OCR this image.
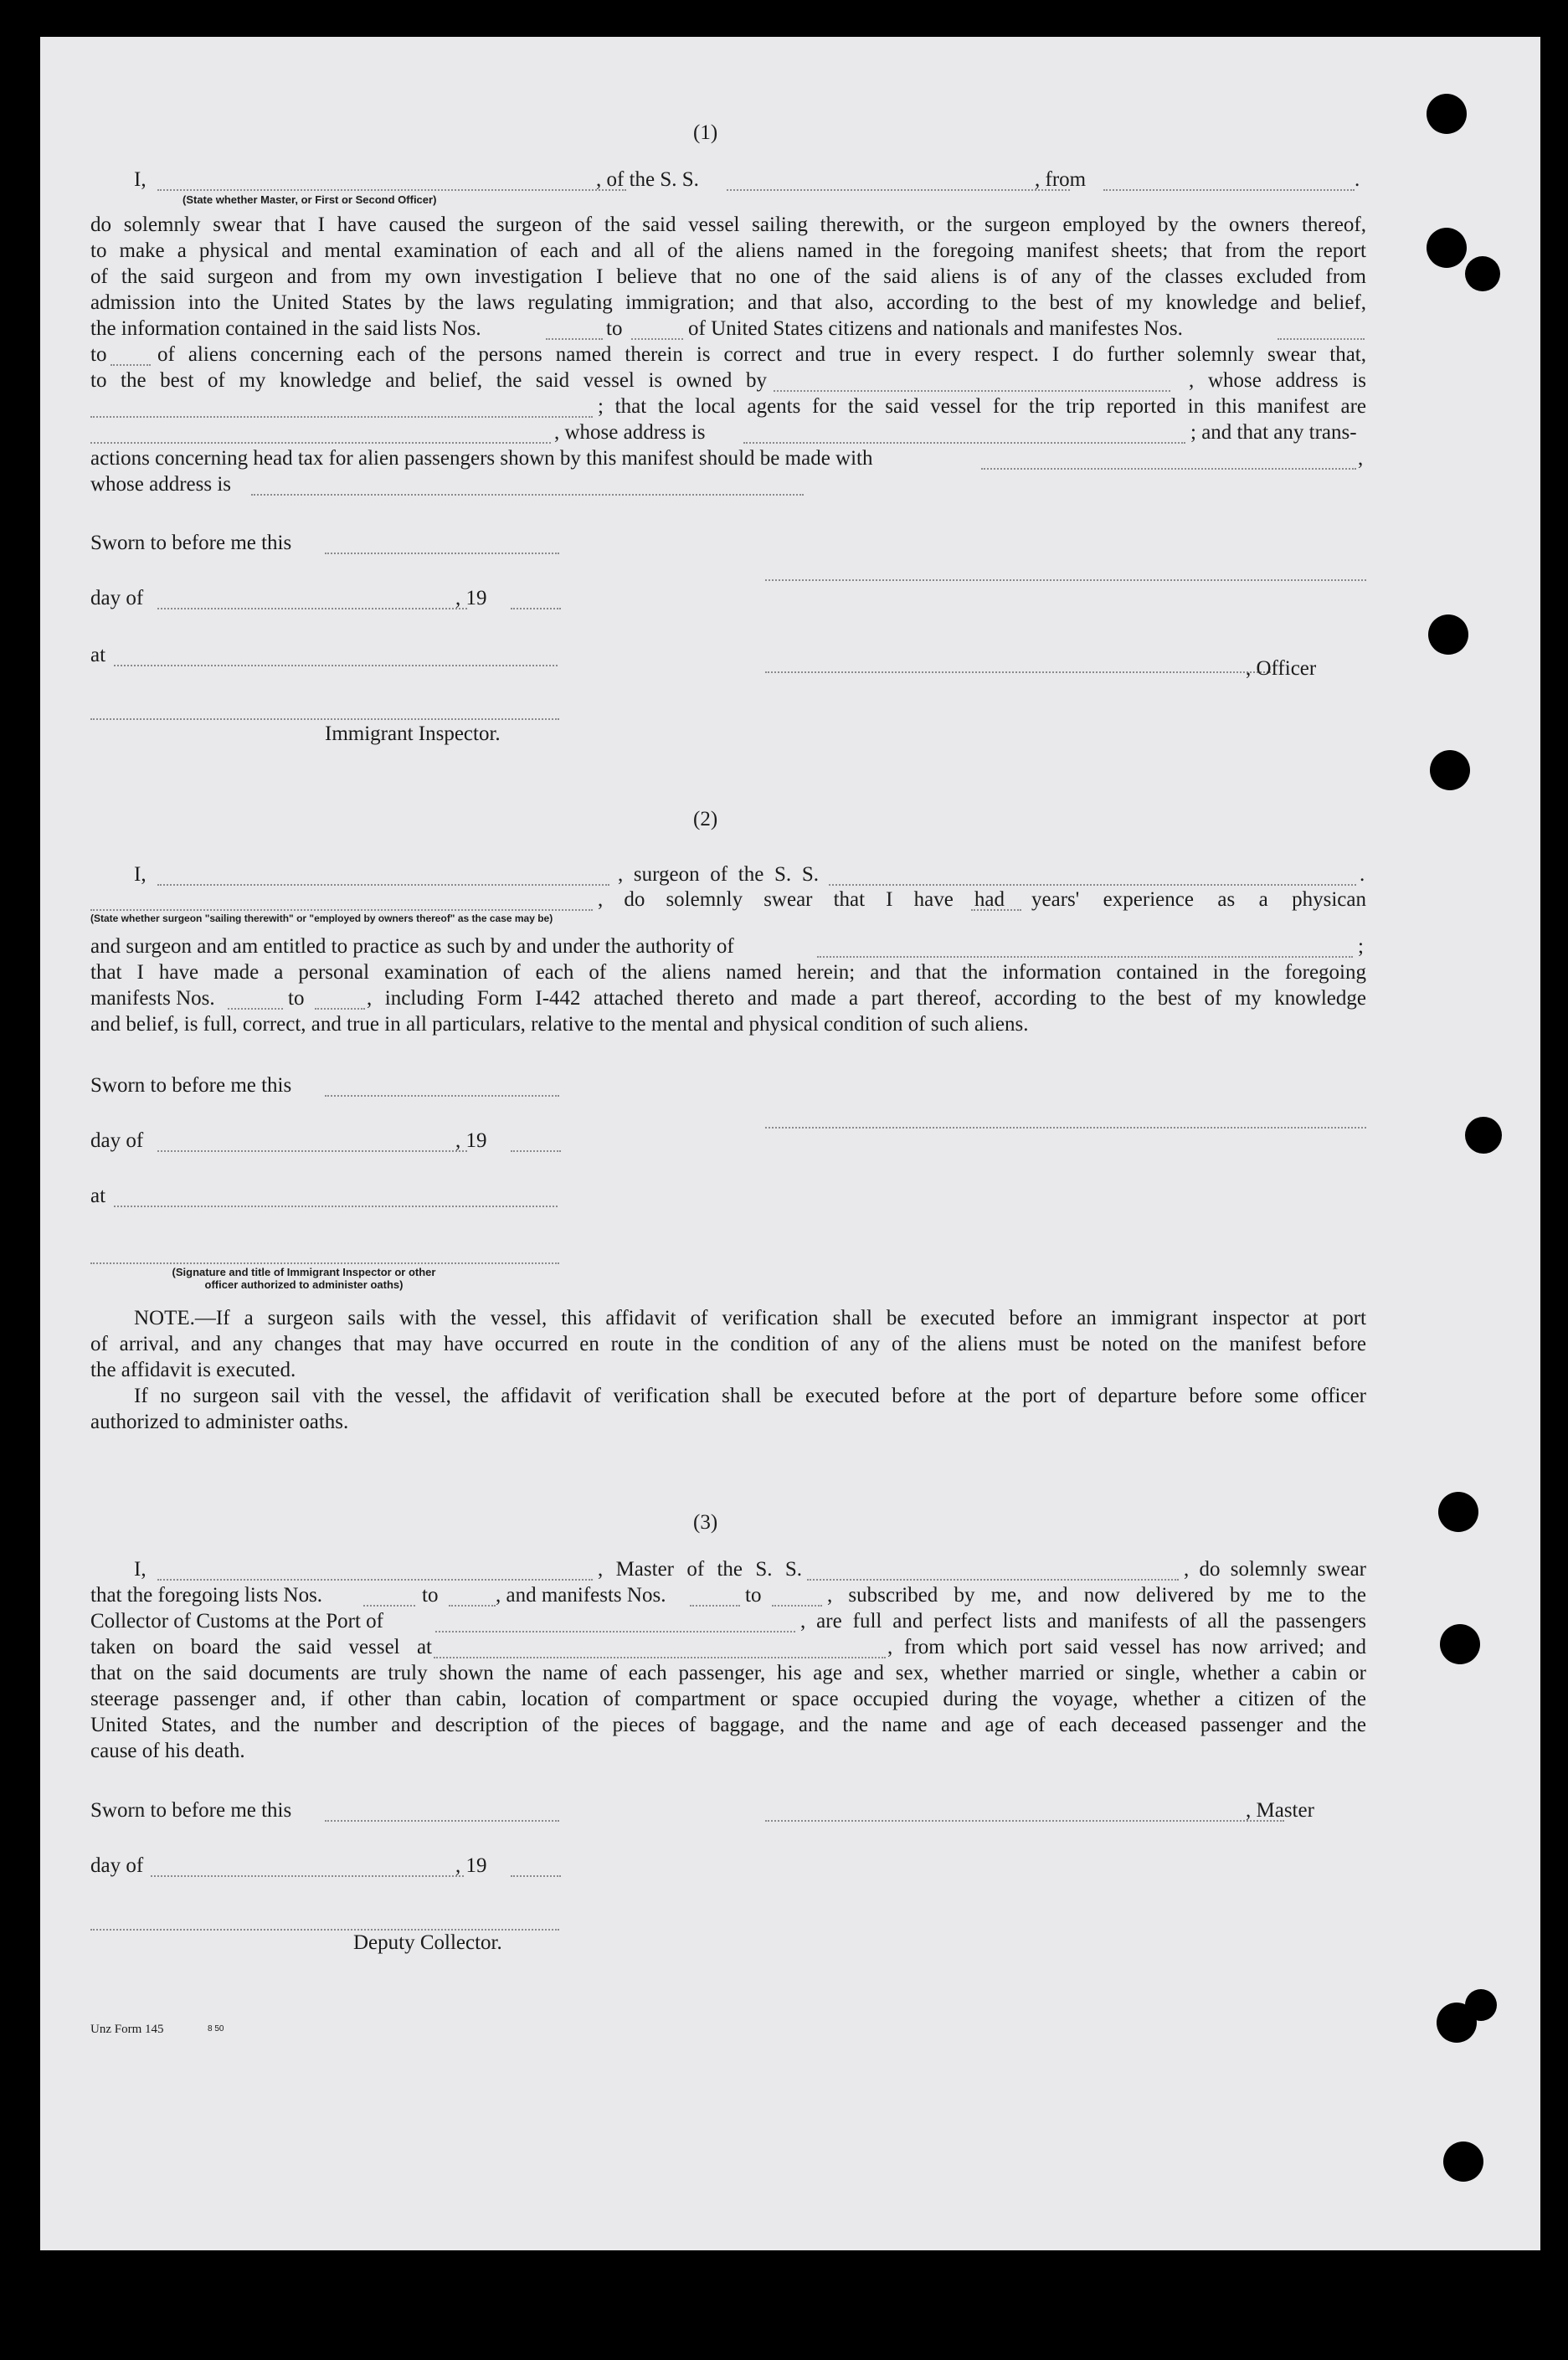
(1)
I,	, of the S. S.	, from	.
(State whether Master, or First or Second Officer)
do solemnly swear that I have caused the surgeon of the said vessel sailing therewith, or the surgeon employed by the owners thereof,
to make a physical and mental examination of each and all of the aliens named in the foregoing manifest sheets; that from the report
of the said surgeon and from my own investigation I believe that no one of the said aliens is of any of the classes excluded from
admission into the United States by the laws regulating immigration; and that also, according to the best of my knowledge and belief,
the information contained in the said lists Nos.	to	of United States citizens and nationals and manifestes Nos.
to of aliens concerning each of the persons named therein is correct and true in every respect. I do further solemnly swear that,
to the best of my knowledge and belief, the said vessel is owned by	, whose address is
; that the local agents for the said vessel for the trip reported in this manifest are
, whose address is	; and that any trans-
actions concerning head tax for alien passengers shown by this manifest should be made with	,
whose address is
Sworn to before me this
day of	, 19
at
, Officer
Immigrant Inspector.
(2)
I,	, surgeon of the S. S.	.
, do solemnly swear that I have had years' experience as a physican
(State whether surgeon "sailing therewith" or "employed by owners thereof" as the case may be)
and surgeon and am entitled to practice as such by and under the authority of	;
that I have made a personal examination of each of the aliens named herein; and that the information contained in the foregoing
manifests Nos.	to	, including Form I-442 attached thereto and made a part thereof, according to the best of my knowledge
and belief, is full, correct, and true in all particulars, relative to the mental and physical condition of such aliens.
Sworn to before me this
day of	, 19
at
(Signature and title of Immigrant Inspector or other
officer authorized to administer oaths)
NOTE.—If a surgeon sails with the vessel, this affidavit of verification shall be executed before an immigrant inspector at port
of arrival, and any changes that may have occurred en route in the condition of any of the aliens must be noted on the manifest before
the affidavit is executed.
If no surgeon sail vith the vessel, the affidavit of verification shall be executed before at the port of departure before some officer
authorized to administer oaths.
(3)
I,	, Master of the S. S.	, do solemnly swear
that the foregoing lists Nos.	to	, and manifests Nos.	to	, subscribed by me, and now delivered by me to the
Collector of Customs at the Port of	, are full and perfect lists and manifests of all the passengers
taken on board the said vessel at	, from which port said vessel has now arrived; and
that on the said documents are truly shown the name of each passenger, his age and sex, whether married or single, whether a cabin or
steerage passenger and, if other than cabin, location of compartment or space occupied during the voyage, whether a citizen of the
United States, and the number and description of the pieces of baggage, and the name and age of each deceased passenger and the
cause of his death.
Sworn to before me this	, Master
day of	, 19
Deputy Collector.
Unz Form 145	8 50
